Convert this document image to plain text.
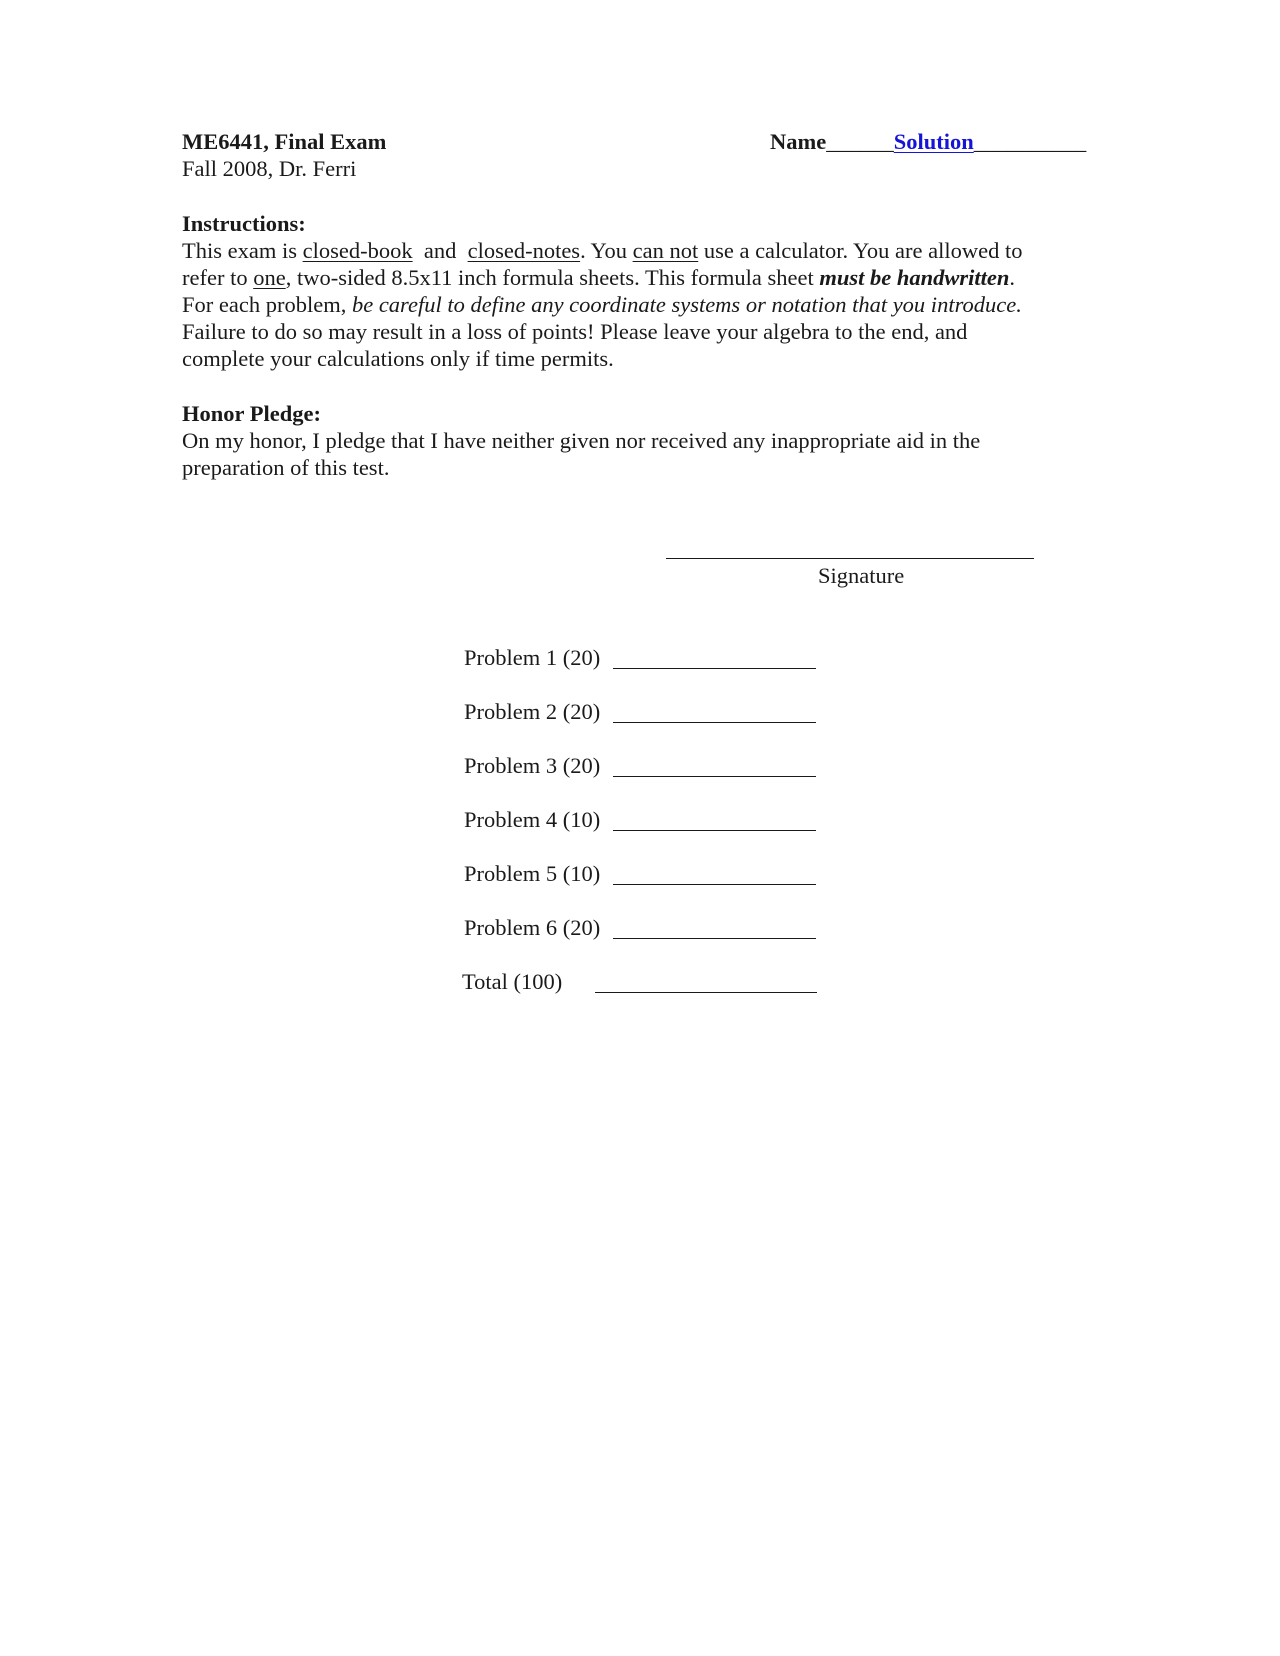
ME6441, Final Exam
Fall 2008, Dr. Ferri
Name______Solution__________
Instructions:
This exam is closed-book  and  closed-notes. You can not use a calculator. You are allowed to
refer to one, two-sided 8.5x11 inch formula sheets. This formula sheet must be handwritten.
For each problem, be careful to define any coordinate systems or notation that you introduce.
Failure to do so may result in a loss of points! Please leave your algebra to the end, and
complete your calculations only if time permits.
Honor Pledge:
On my honor, I pledge that I have neither given nor received any inappropriate aid in the
preparation of this test.
Signature
Problem 1 (20)
Problem 2 (20)
Problem 3 (20)
Problem 4 (10)
Problem 5 (10)
Problem 6 (20)
Total (100)
